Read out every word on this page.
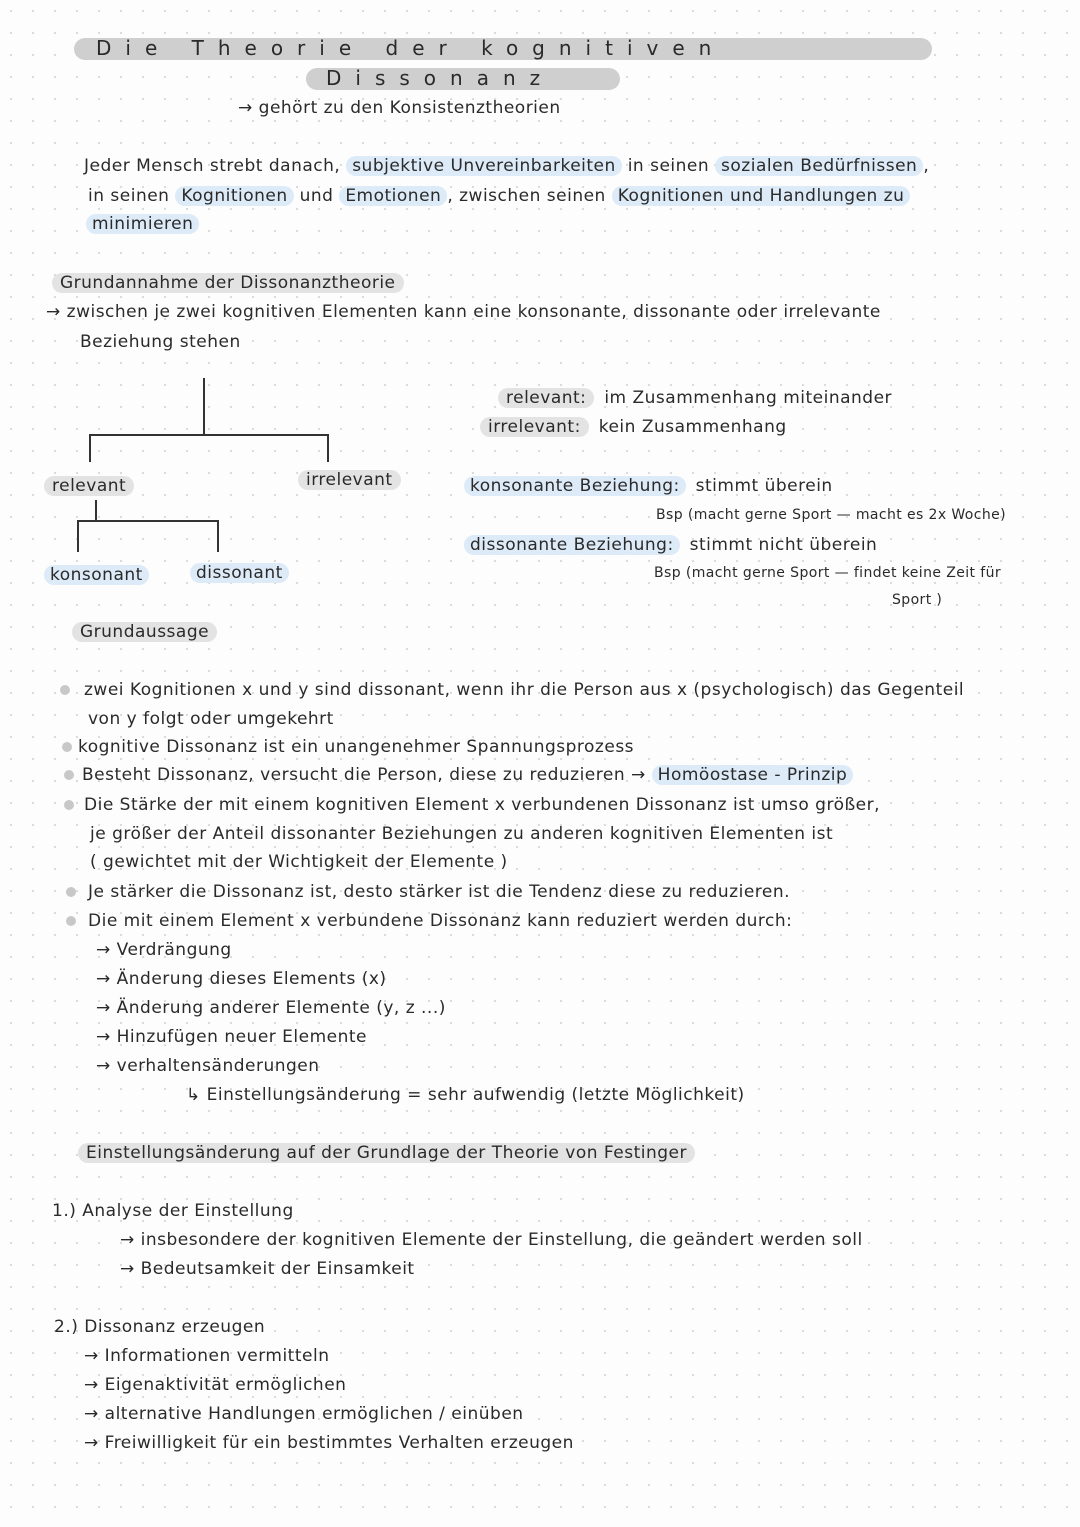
Die Theorie der kognitiven
Dissonanz
→ gehört zu den Konsistenztheorien
Jeder Mensch strebt danach, subjektive Unvereinbarkeiten in seinen sozialen Bedürfnissen ,
in seinen Kognitionen und Emotionen , zwischen seinen Kognitionen und Handlungen zu
minimieren
Grundannahme der Dissonanztheorie
→ zwischen je zwei kognitiven Elementen kann eine konsonante, dissonante oder irrelevante
Beziehung stehen
relevant	irrelevant
konsonant	dissonant
relevant: im Zusammenhang miteinander
irrelevant: kein Zusammenhang
konsonante Beziehung: stimmt überein
Bsp (macht gerne Sport — macht es 2x Woche)
dissonante Beziehung: stimmt nicht überein
Bsp (macht gerne Sport — findet keine Zeit für
Sport )
Grundaussage
zwei Kognitionen x und y sind dissonant, wenn ihr die Person aus x (psychologisch) das Gegenteil
von y folgt oder umgekehrt
kognitive Dissonanz ist ein unangenehmer Spannungsprozess
Besteht Dissonanz, versucht die Person, diese zu reduzieren → Homöostase - Prinzip
Die Stärke der mit einem kognitiven Element x verbundenen Dissonanz ist umso größer,
je größer der Anteil dissonanter Beziehungen zu anderen kognitiven Elementen ist
( gewichtet mit der Wichtigkeit der Elemente )
Je stärker die Dissonanz ist, desto stärker ist die Tendenz diese zu reduzieren.
Die mit einem Element x verbundene Dissonanz kann reduziert werden durch:
→ Verdrängung
→ Änderung dieses Elements (x)
→ Änderung anderer Elemente (y, z ...)
→ Hinzufügen neuer Elemente
→ verhaltensänderungen
↳ Einstellungsänderung = sehr aufwendig (letzte Möglichkeit)
Einstellungsänderung auf der Grundlage der Theorie von Festinger
1.) Analyse der Einstellung
→ insbesondere der kognitiven Elemente der Einstellung, die geändert werden soll
→ Bedeutsamkeit der Einsamkeit
2.) Dissonanz erzeugen
→ Informationen vermitteln
→ Eigenaktivität ermöglichen
→ alternative Handlungen ermöglichen / einüben
→ Freiwilligkeit für ein bestimmtes Verhalten erzeugen
